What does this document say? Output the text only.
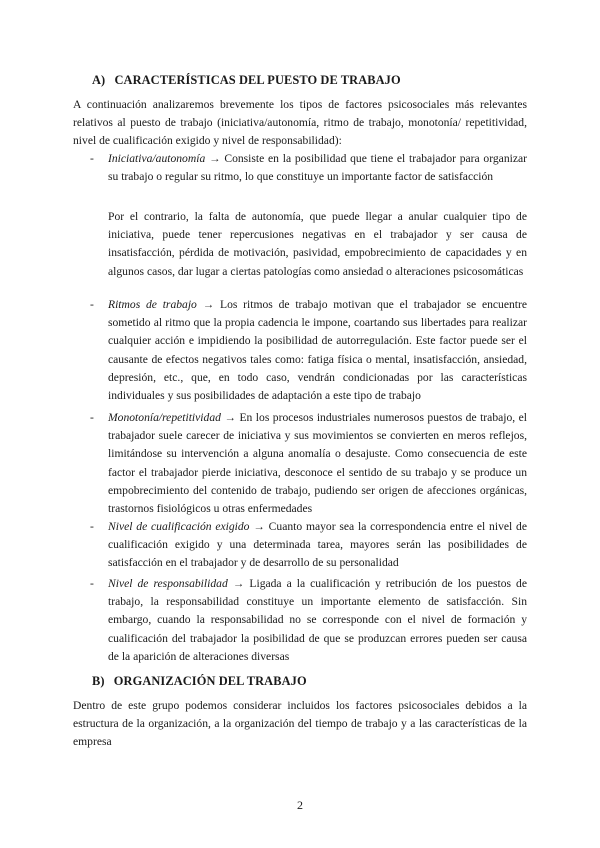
A) CARACTERÍSTICAS DEL PUESTO DE TRABAJO

A continuación analizaremos brevemente los tipos de factores psicosociales más relevantes relativos al puesto de trabajo (iniciativa/autonomía, ritmo de trabajo, monotonía/ repetitividad, nivel de cualificación exigido y nivel de responsabilidad):

- Iniciativa/autonomía → Consiste en la posibilidad que tiene el trabajador para organizar su trabajo o regular su ritmo, lo que constituye un importante factor de satisfacción

Por el contrario, la falta de autonomía, que puede llegar a anular cualquier tipo de iniciativa, puede tener repercusiones negativas en el trabajador y ser causa de insatisfacción, pérdida de motivación, pasividad, empobrecimiento de capacidades y en algunos casos, dar lugar a ciertas patologías como ansiedad o alteraciones psicosomáticas

- Ritmos de trabajo → Los ritmos de trabajo motivan que el trabajador se encuentre sometido al ritmo que la propia cadencia le impone, coartando sus libertades para realizar cualquier acción e impidiendo la posibilidad de autorregulación. Este factor puede ser el causante de efectos negativos tales como: fatiga física o mental, insatisfacción, ansiedad, depresión, etc., que, en todo caso, vendrán condicionadas por las características individuales y sus posibilidades de adaptación a este tipo de trabajo

- Monotonía/repetitividad → En los procesos industriales numerosos puestos de trabajo, el trabajador suele carecer de iniciativa y sus movimientos se convierten en meros reflejos, limitándose su intervención a alguna anomalía o desajuste. Como consecuencia de este factor el trabajador pierde iniciativa, desconoce el sentido de su trabajo y se produce un empobrecimiento del contenido de trabajo, pudiendo ser origen de afecciones orgánicas, trastornos fisiológicos u otras enfermedades

- Nivel de cualificación exigido → Cuanto mayor sea la correspondencia entre el nivel de cualificación exigido y una determinada tarea, mayores serán las posibilidades de satisfacción en el trabajador y de desarrollo de su personalidad

- Nivel de responsabilidad → Ligada a la cualificación y retribución de los puestos de trabajo, la responsabilidad constituye un importante elemento de satisfacción. Sin embargo, cuando la responsabilidad no se corresponde con el nivel de formación y cualificación del trabajador la posibilidad de que se produzcan errores pueden ser causa de la aparición de alteraciones diversas

B) ORGANIZACIÓN DEL TRABAJO

Dentro de este grupo podemos considerar incluidos los factores psicosociales debidos a la estructura de la organización, a la organización del tiempo de trabajo y a las características de la empresa

2
